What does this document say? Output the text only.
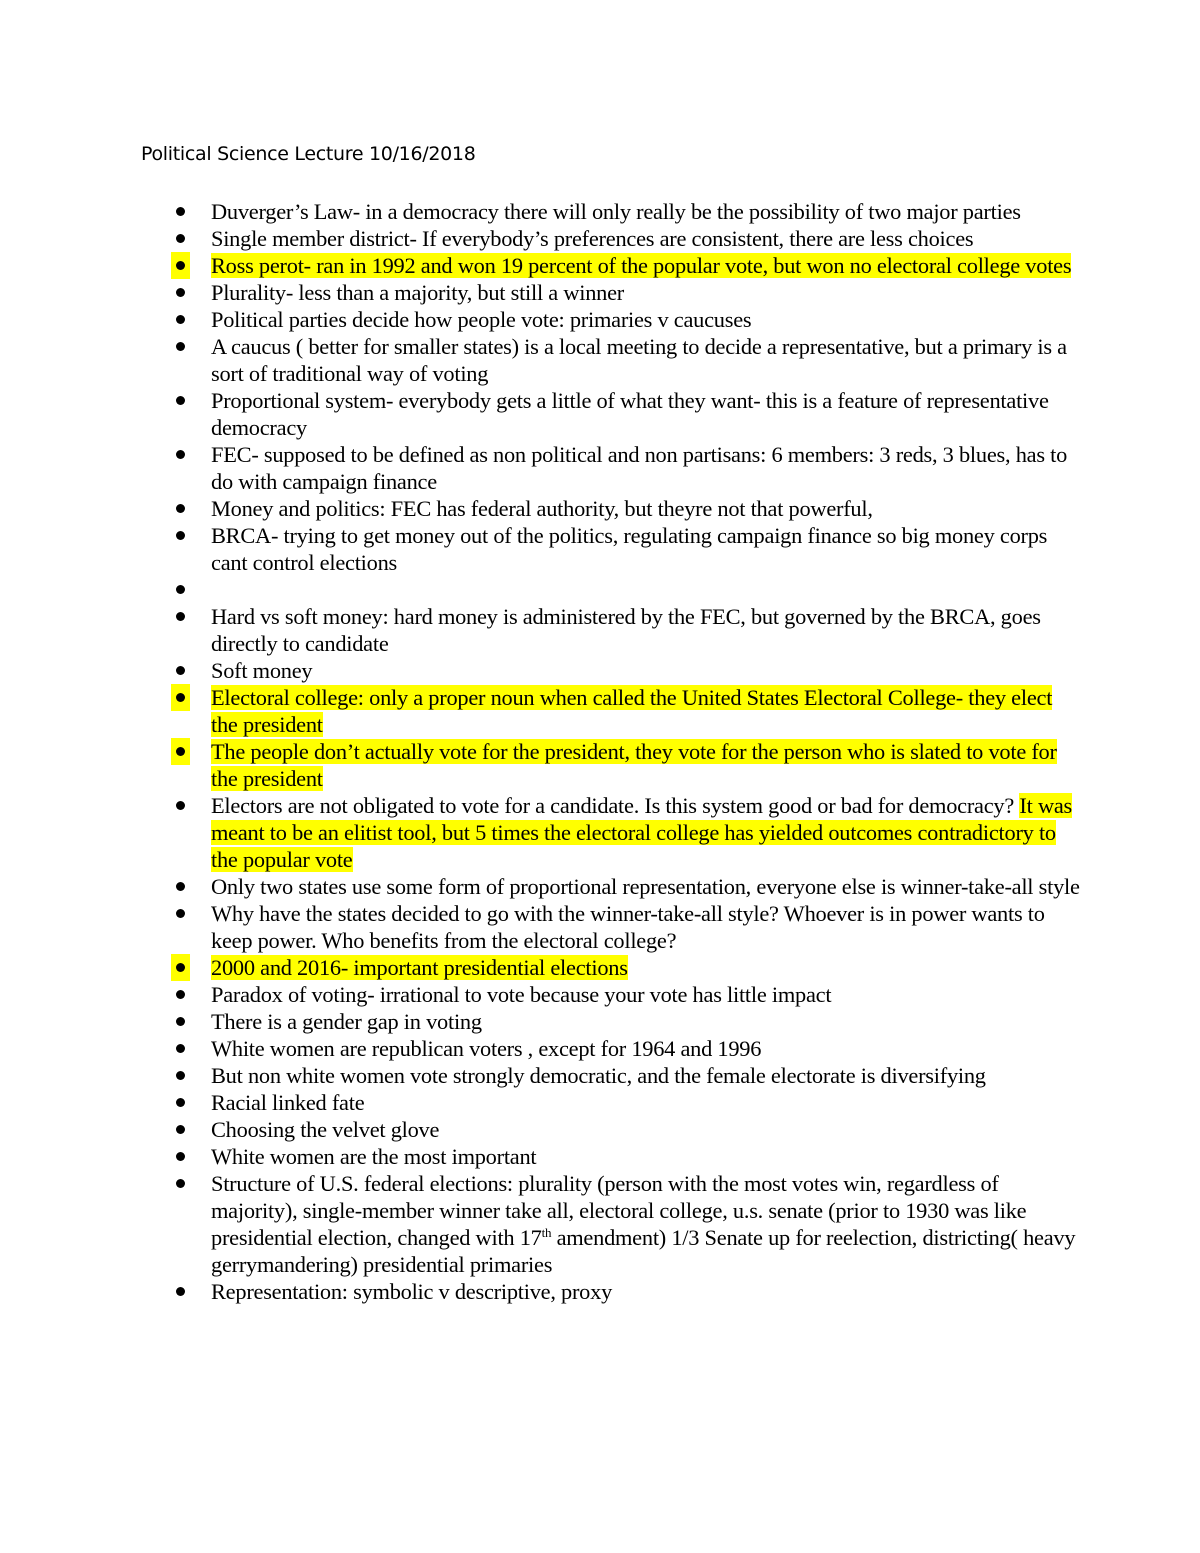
Political Science Lecture 10/16/2018
Duverger’s Law- in a democracy there will only really be the possibility of two major parties
Single member district- If everybody’s preferences are consistent, there are less choices
Ross perot- ran in 1992 and won 19 percent of the popular vote, but won no electoral college votes
Plurality- less than a majority, but still a winner
Political parties decide how people vote: primaries v caucuses
A caucus ( better for smaller states) is a local meeting to decide a representative, but a primary is a sort of traditional way of voting
Proportional system- everybody gets a little of what they want- this is a feature of representative democracy
FEC- supposed to be defined as non political and non partisans: 6 members: 3 reds, 3 blues, has to do with campaign finance
Money and politics: FEC has federal authority, but theyre not that powerful,
BRCA- trying to get money out of the politics, regulating campaign finance so big money corps cant control elections
Hard vs soft money: hard money is administered by the FEC, but governed by the BRCA, goes directly to candidate
Soft money
Electoral college: only a proper noun when called the United States Electoral College- they elect the president
The people don’t actually vote for the president, they vote for the person who is slated to vote for the president
Electors are not obligated to vote for a candidate. Is this system good or bad for democracy? It was meant to be an elitist tool, but 5 times the electoral college has yielded outcomes contradictory to the popular vote
Only two states use some form of proportional representation, everyone else is winner-take-all style
Why have the states decided to go with the winner-take-all style? Whoever is in power wants to keep power. Who benefits from the electoral college?
2000 and 2016- important presidential elections
Paradox of voting- irrational to vote because your vote has little impact
There is a gender gap in voting
White women are republican voters , except for 1964 and 1996
But non white women vote strongly democratic, and the female electorate is diversifying
Racial linked fate
Choosing the velvet glove
White women are the most important
Structure of U.S. federal elections: plurality (person with the most votes win, regardless of majority), single-member winner take all, electoral college, u.s. senate (prior to 1930 was like presidential election, changed with 17th amendment) 1/3 Senate up for reelection, districting( heavy gerrymandering) presidential primaries
Representation: symbolic v descriptive, proxy
